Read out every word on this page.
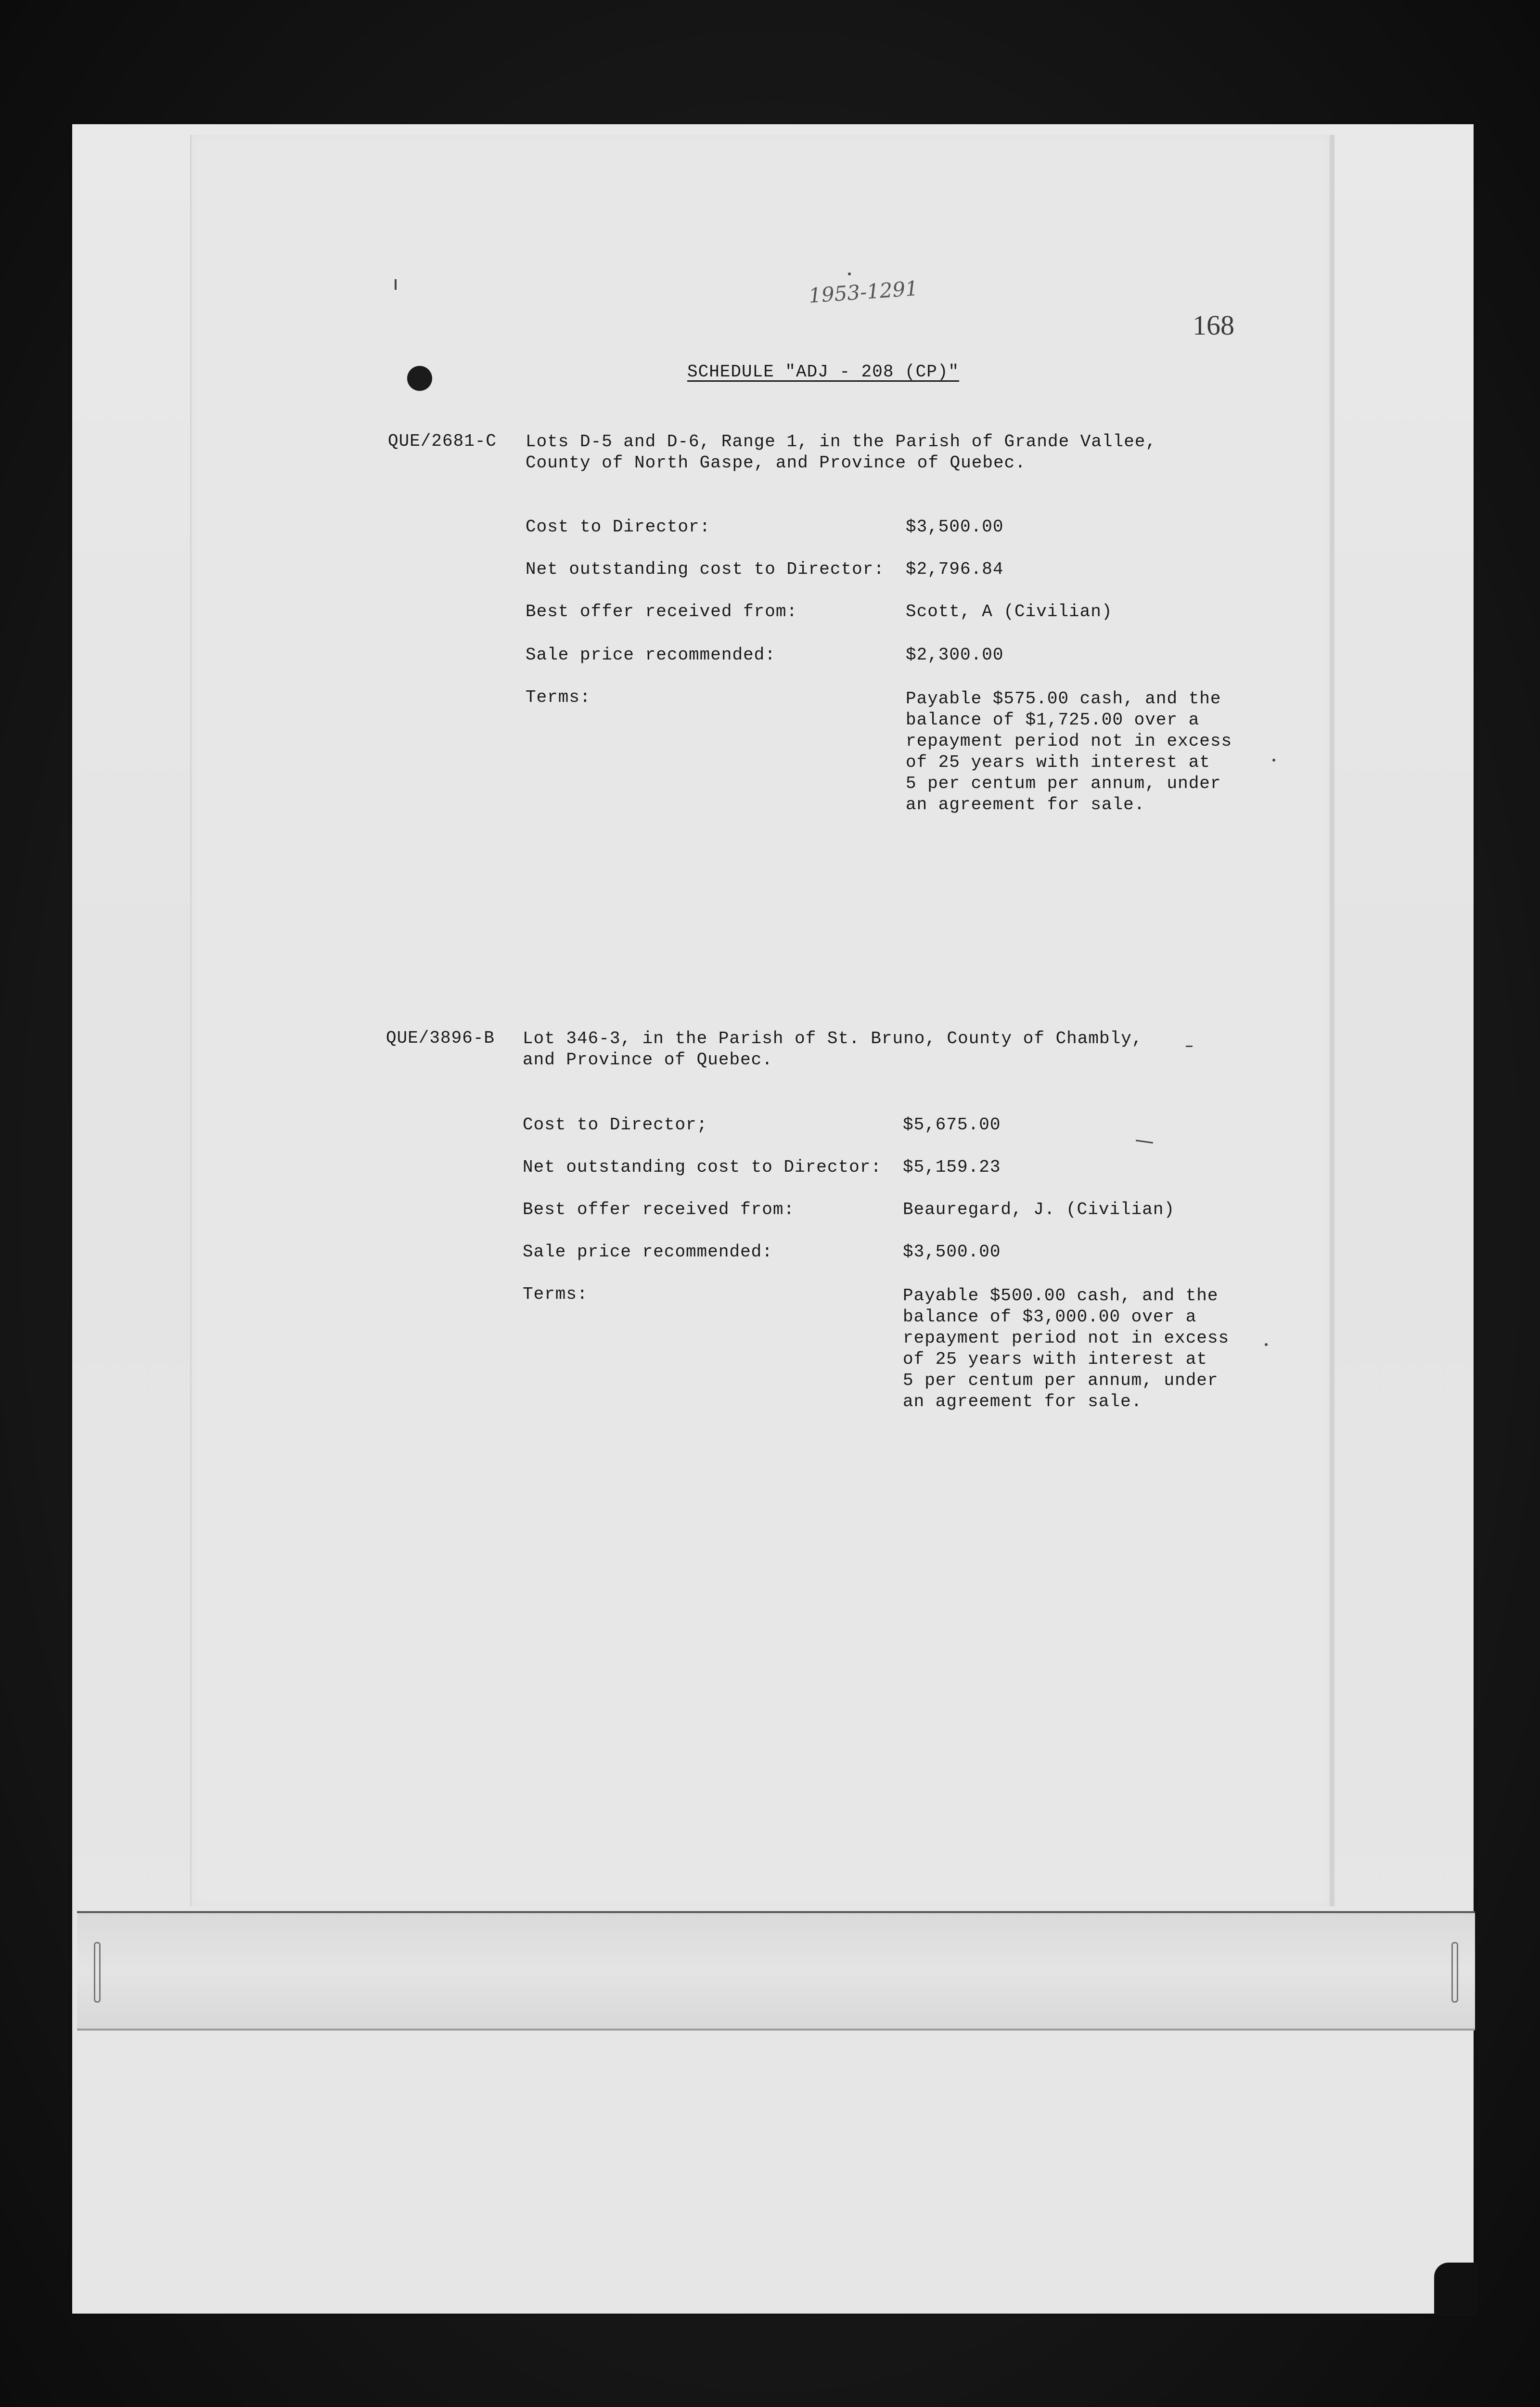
1953-1291
168
SCHEDULE "ADJ - 208 (CP)"
QUE/2681-C Lots D-5 and D-6, Range 1, in the Parish of Grande Vallee,
County of North Gaspe, and Province of Quebec.
Cost to Director:	$3,500.00
Net outstanding cost to Director: $2,796.84
Best offer received from:	Scott, A (Civilian)
Sale price recommended:	$2,300.00
Terms:	Payable $575.00 cash, and the
balance of $1,725.00 over a
repayment period not in excess
of 25 years with interest at
5 per centum per annum, under
an agreement for sale.
QUE/3896-B Lot 346-3, in the Parish of St. Bruno, County of Chambly,
and Province of Quebec.
Cost to Director;	$5,675.00
Net outstanding cost to Director: $5,159.23
Best offer received from:	Beauregard, J. (Civilian)
Sale price recommended:	$3,500.00
Terms:	Payable $500.00 cash, and the
balance of $3,000.00 over a
repayment period not in excess
of 25 years with interest at
5 per centum per annum, under
an agreement for sale.
